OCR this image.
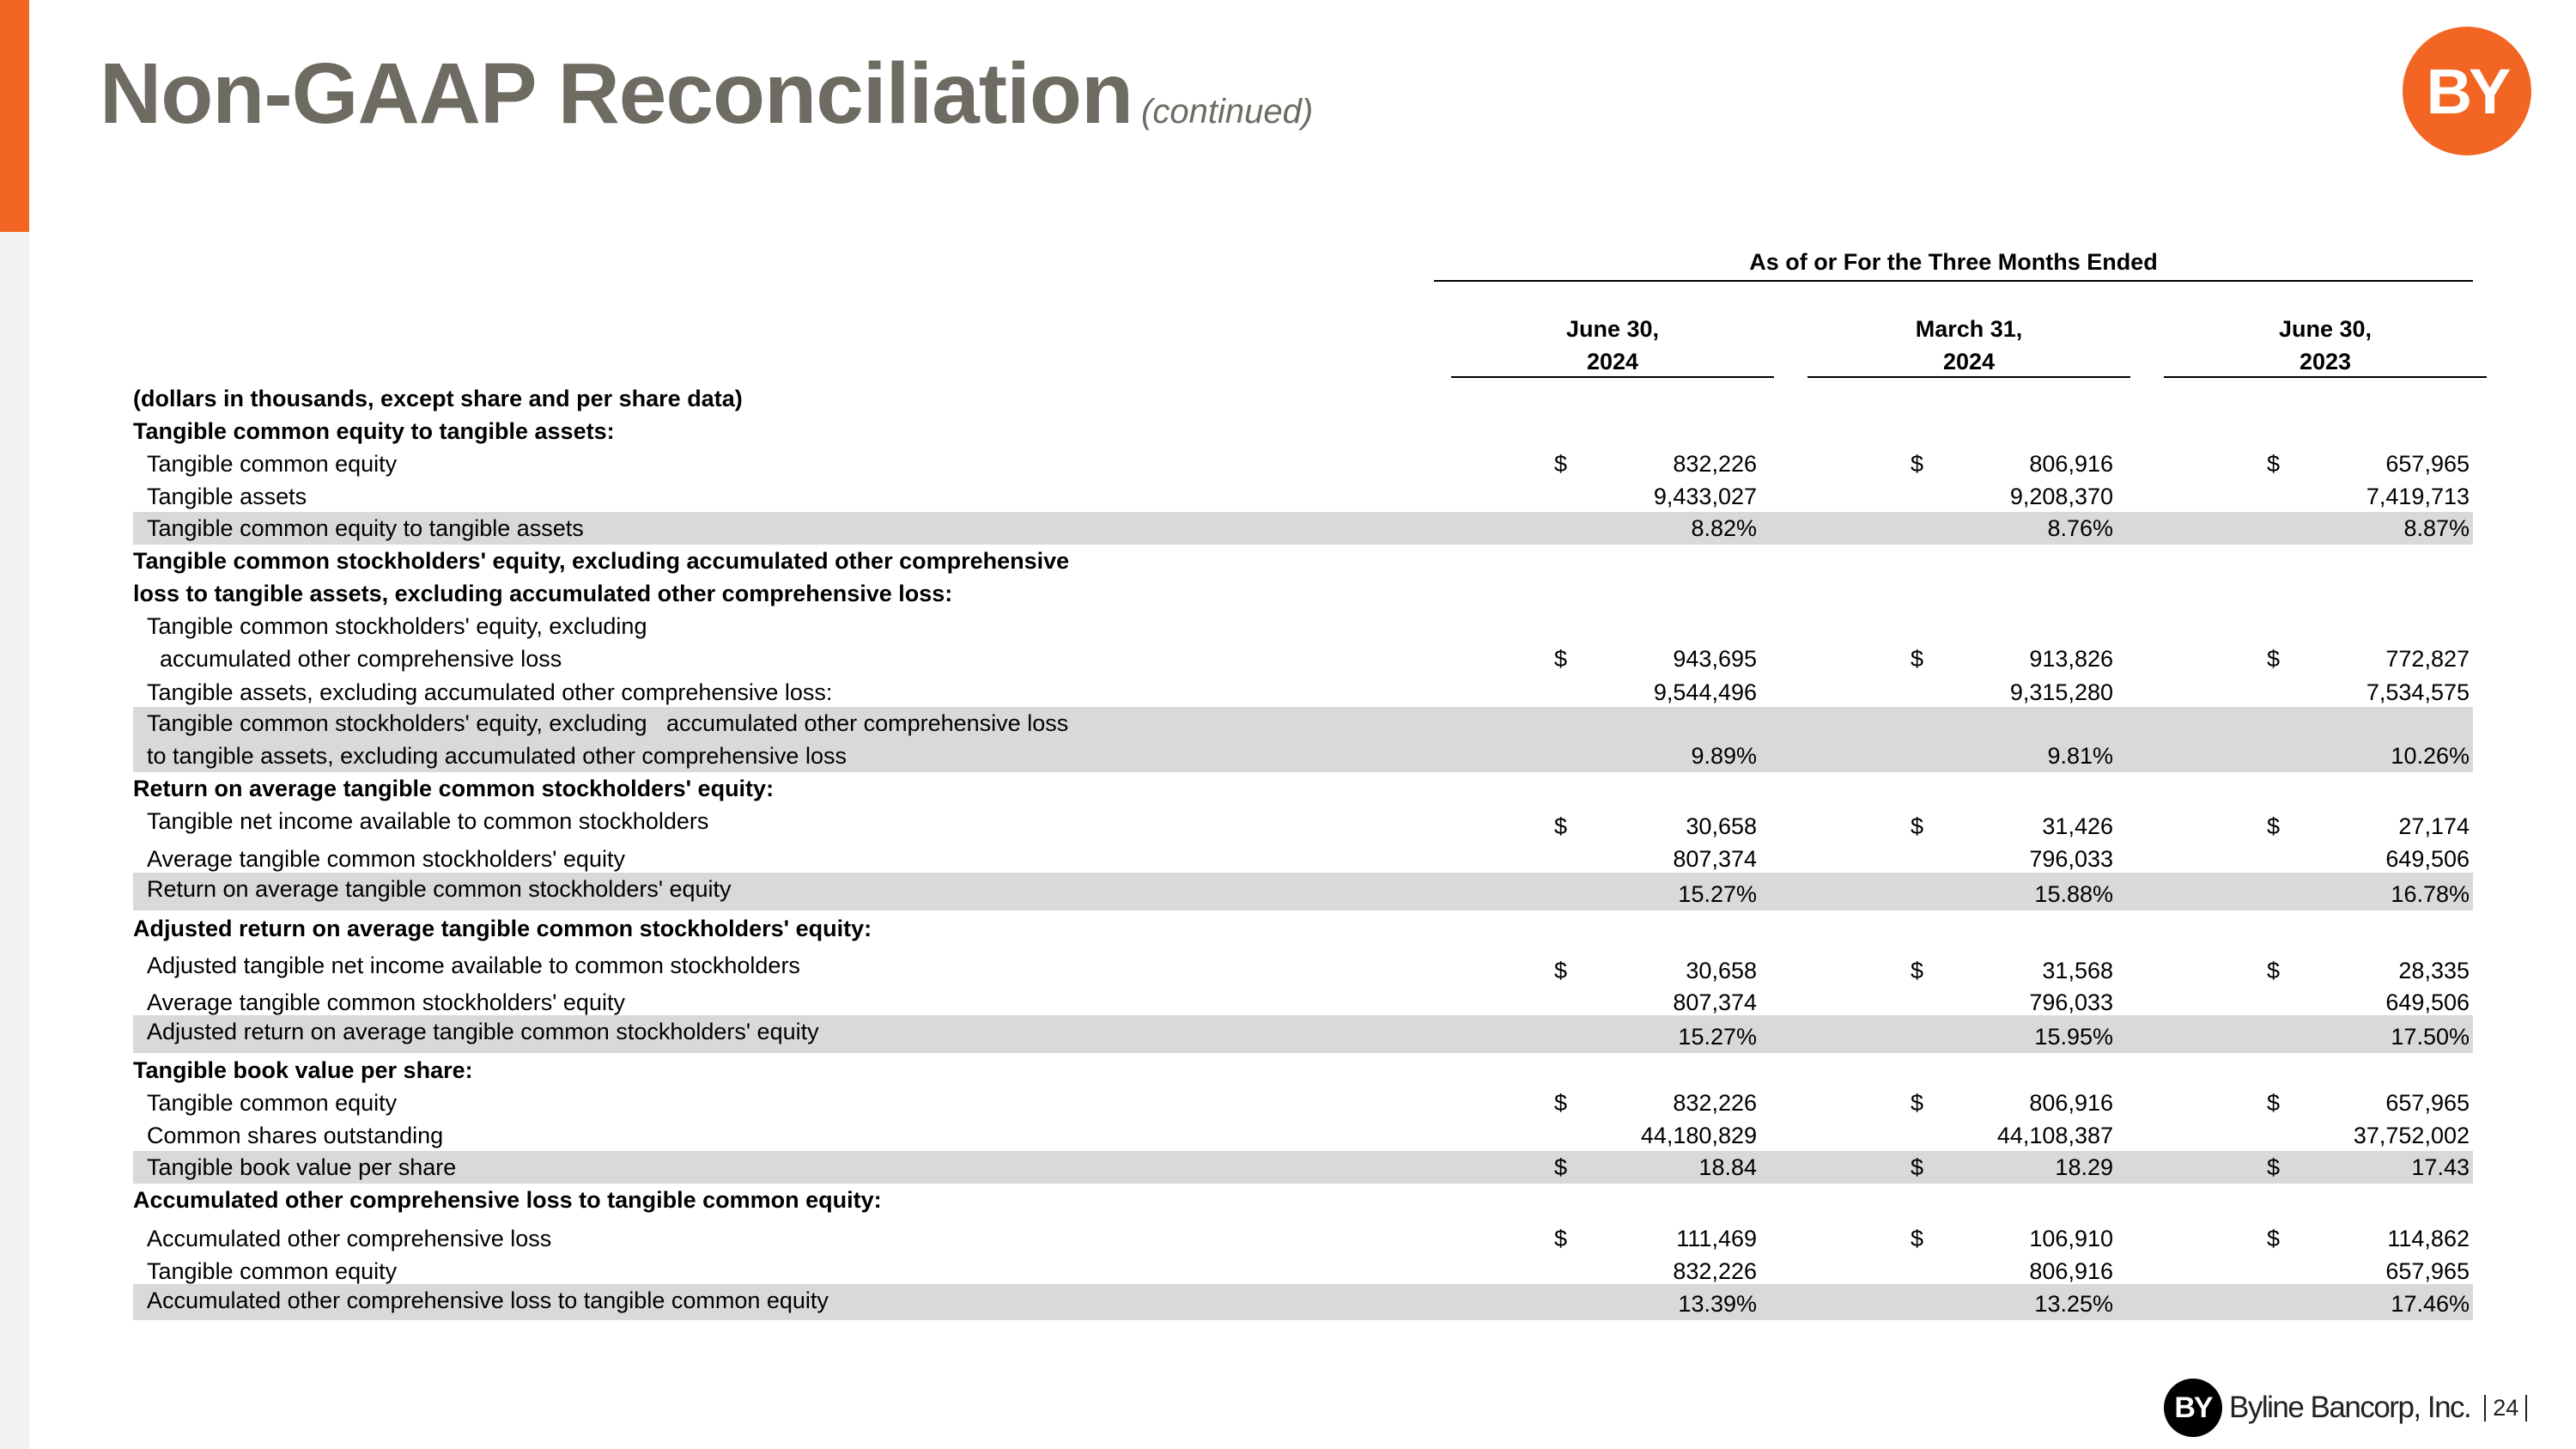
Non-GAAP Reconciliation (continued)	BY
As of or For the Three Months Ended
June 30,
2024
March 31,
2024
June 30,
2023
(dollars in thousands, except share and per share data)
Tangible common equity to tangible assets:
Tangible common equity	$	832,226	$	806,916	$	657,965
Tangible assets	9,433,027	9,208,370	7,419,713
Tangible common equity to tangible assets	8.82%	8.76%	8.87%
Tangible common stockholders' equity, excluding accumulated other comprehensive
loss to tangible assets, excluding accumulated other comprehensive loss:
Tangible common stockholders' equity, excluding
accumulated other comprehensive loss	$	943,695	$	913,826	$	772,827
Tangible assets, excluding accumulated other comprehensive loss:	9,544,496	9,315,280	7,534,575
Tangible common stockholders' equity, excluding   accumulated other comprehensive loss
to tangible assets, excluding accumulated other comprehensive loss	9.89%	9.81%	10.26%
Return on average tangible common stockholders' equity:
Tangible net income available to common stockholders	$	30,658	$	31,426	$	27,174
Average tangible common stockholders' equity	807,374	796,033	649,506
Return on average tangible common stockholders' equity	15.27%	15.88%	16.78%
Adjusted return on average tangible common stockholders' equity:
Adjusted tangible net income available to common stockholders	$	30,658	$	31,568	$	28,335
Average tangible common stockholders' equity	807,374	796,033	649,506
Adjusted return on average tangible common stockholders' equity	15.27%	15.95%	17.50%
Tangible book value per share:
Tangible common equity	$	832,226	$	806,916	$	657,965
Common shares outstanding	44,180,829	44,108,387	37,752,002
Tangible book value per share	$	18.84	$	18.29	$	17.43
Accumulated other comprehensive loss to tangible common equity:
Accumulated other comprehensive loss	$	111,469	$	106,910	$	114,862
Tangible common equity	832,226	806,916	657,965
Accumulated other comprehensive loss to tangible common equity	13.39%	13.25%	17.46%
BY Byline Bancorp, Inc. 24
